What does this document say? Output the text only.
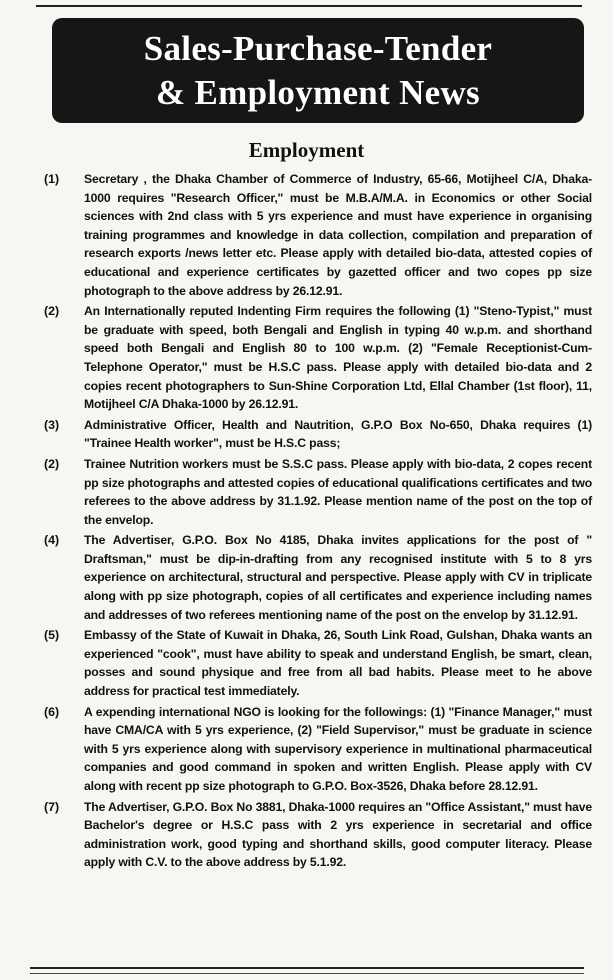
Sales-Purchase-Tender
& Employment News
Employment
(1)	Secretary , the Dhaka Chamber of Commerce of Industry, 65-66, Motijheel C/A, Dhaka-1000 requires "Research Officer," must be M.B.A/M.A. in Economics or other Social sciences with 2nd class with 5 yrs experience and must have experience in organising training programmes and knowledge in data collection, compilation and preparation of research exports /news letter etc. Please apply with detailed bio-data, attested copies of educational and experience certificates by gazetted officer and two copes pp size photograph to the above address by 26.12.91.
(2)	An Internationally reputed Indenting Firm requires the following (1) "Steno-Typist," must be graduate with speed, both Bengali and English in typing 40 w.p.m. and shorthand speed both Bengali and English 80 to 100 w.p.m. (2) "Female Receptionist-Cum-Telephone Operator," must be H.S.C pass. Please apply with detailed bio-data and 2 copies recent photographers to Sun-Shine Corporation Ltd, Ellal Chamber (1st floor), 11, Motijheel C/A Dhaka-1000 by 26.12.91.
(3)	Administrative Officer, Health and Nautrition, G.P.O Box No-650, Dhaka requires (1) "Trainee Health worker", must be H.S.C pass;
(2)	Trainee Nutrition workers must be S.S.C pass. Please apply with bio-data, 2 copes recent pp size photographs and attested copies of educational qualifications certificates and two referees to the above address by 31.1.92. Please mention name of the post on the top of the envelop.
(4)	The Advertiser, G.P.O. Box No 4185, Dhaka invites applications for the post of " Draftsman," must be dip-in-drafting from any recognised institute with 5 to 8 yrs experience on architectural, structural and perspective. Please apply with CV in triplicate along with pp size photograph, copies of all certificates and experience including names and addresses of two referees mentioning name of the post on the envelop by 31.12.91.
(5)	Embassy of the State of Kuwait in Dhaka, 26, South Link Road, Gulshan, Dhaka wants an experienced "cook", must have ability to speak and understand English, be smart, clean, posses and sound physique and free from all bad habits. Please meet to he above address for practical test immediately.
(6)	A expending international NGO is looking for the followings: (1) "Finance Manager," must have CMA/CA with 5 yrs experience, (2) "Field Supervisor," must be graduate in science with 5 yrs experience along with supervisory experience in multinational pharmaceutical companies and good command in spoken and written English. Please apply with CV along with recent pp size photograph to G.P.O. Box-3526, Dhaka before 28.12.91.
(7)	The Advertiser, G.P.O. Box No 3881, Dhaka-1000 requires an "Office Assistant," must have Bachelor's degree or H.S.C pass with 2 yrs experience in secretarial and office administration work, good typing and shorthand skills, good computer literacy. Please apply with C.V. to the above address by 5.1.92.
